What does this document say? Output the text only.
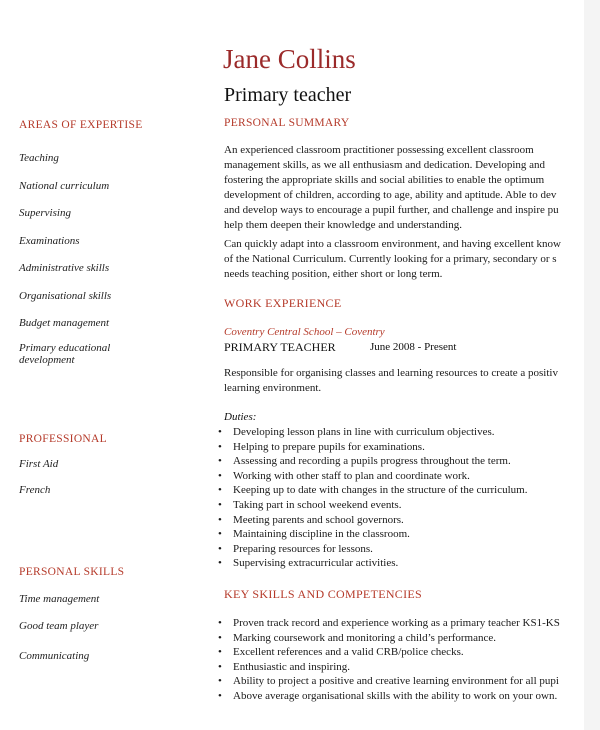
Jane Collins
Primary teacher
AREAS OF EXPERTISE
Teaching
National curriculum
Supervising
Examinations
Administrative skills
Organisational skills
Budget management
Primary educational development
PROFESSIONAL
First Aid
French
PERSONAL SKILLS
Time management
Good team player
Communicating
PERSONAL SUMMARY
An experienced classroom practitioner possessing excellent classroom
management skills, as we all enthusiasm and dedication. Developing and
fostering the appropriate skills and social abilities to enable the optimum
development of children, according to age, ability and aptitude. Able to dev
and develop ways to encourage a pupil further, and challenge and inspire pu
help them deepen their knowledge and understanding.
Can quickly adapt into a classroom environment, and having excellent know
of the National Curriculum. Currently looking for a primary, secondary or s
needs teaching position, either short or long term.
WORK EXPERIENCE
Coventry Central School – Coventry
PRIMARY TEACHER	June 2008 - Present
Responsible for organising classes and learning resources to create a positiv
learning environment.
Duties:
• Developing lesson plans in line with curriculum objectives.
• Helping to prepare pupils for examinations.
• Assessing and recording a pupils progress throughout the term.
• Working with other staff to plan and coordinate work.
• Keeping up to date with changes in the structure of the curriculum.
• Taking part in school weekend events.
• Meeting parents and school governors.
• Maintaining discipline in the classroom.
• Preparing resources for lessons.
• Supervising extracurricular activities.
KEY SKILLS AND COMPETENCIES
• Proven track record and experience working as a primary teacher KS1-KS
• Marking coursework and monitoring a child’s performance.
• Excellent references and a valid CRB/police checks.
• Enthusiastic and inspiring.
• Ability to project a positive and creative learning environment for all pupi
• Above average organisational skills with the ability to work on your own.
